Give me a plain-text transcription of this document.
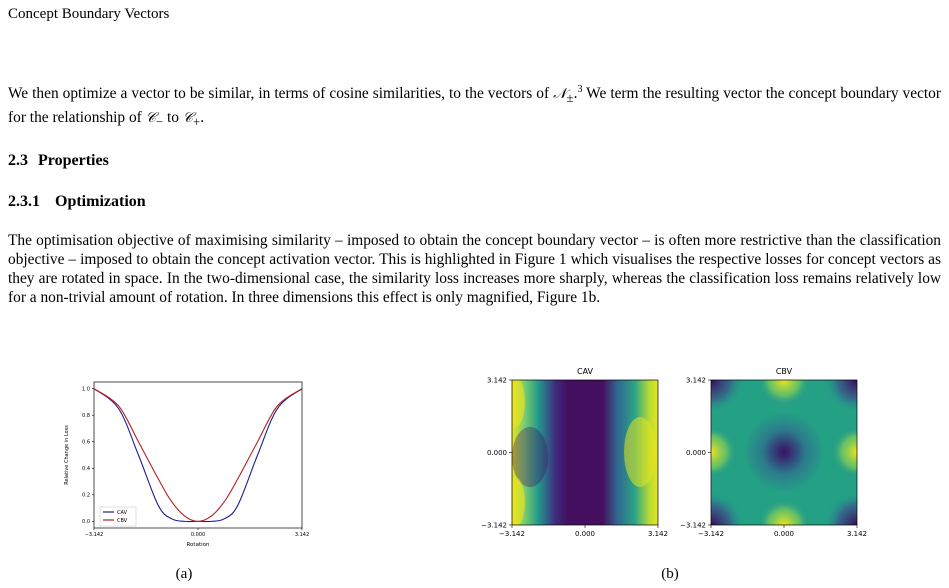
Concept Boundary Vectors
We then optimize a vector to be similar, in terms of cosine similarities, to the vectors of 𝒩$_\pm$.$^3$ We term the resulting vector the concept boundary vector for the relationship of 𝒞$_-$ to 𝒞$_+$.
2.3 Properties
2.3.1 Optimization
The optimisation objective of maximising similarity – imposed to obtain the concept boundary vector – is often more restrictive than the classification objective – imposed to obtain the concept activation vector. This is highlighted in Figure 1 which visualises the respective losses for concept vectors as they are rotated in space. In the two-dimensional case, the similarity loss increases more sharply, whereas the classification loss remains relatively low for a non-trivial amount of rotation. In three dimensions this effect is only magnified, Figure 1b.
0.0
0.2
0.4
0.6
0.8
1.0
−3.142	0.000	3.142
Relative Change in Loss
Rotation
CAV
CBV
CAV
−3.142	0.000	3.142
3.142
0.000
−3.142
CBV
−3.142	0.000	3.142
3.142
0.000
−3.142
(a)	(b)
